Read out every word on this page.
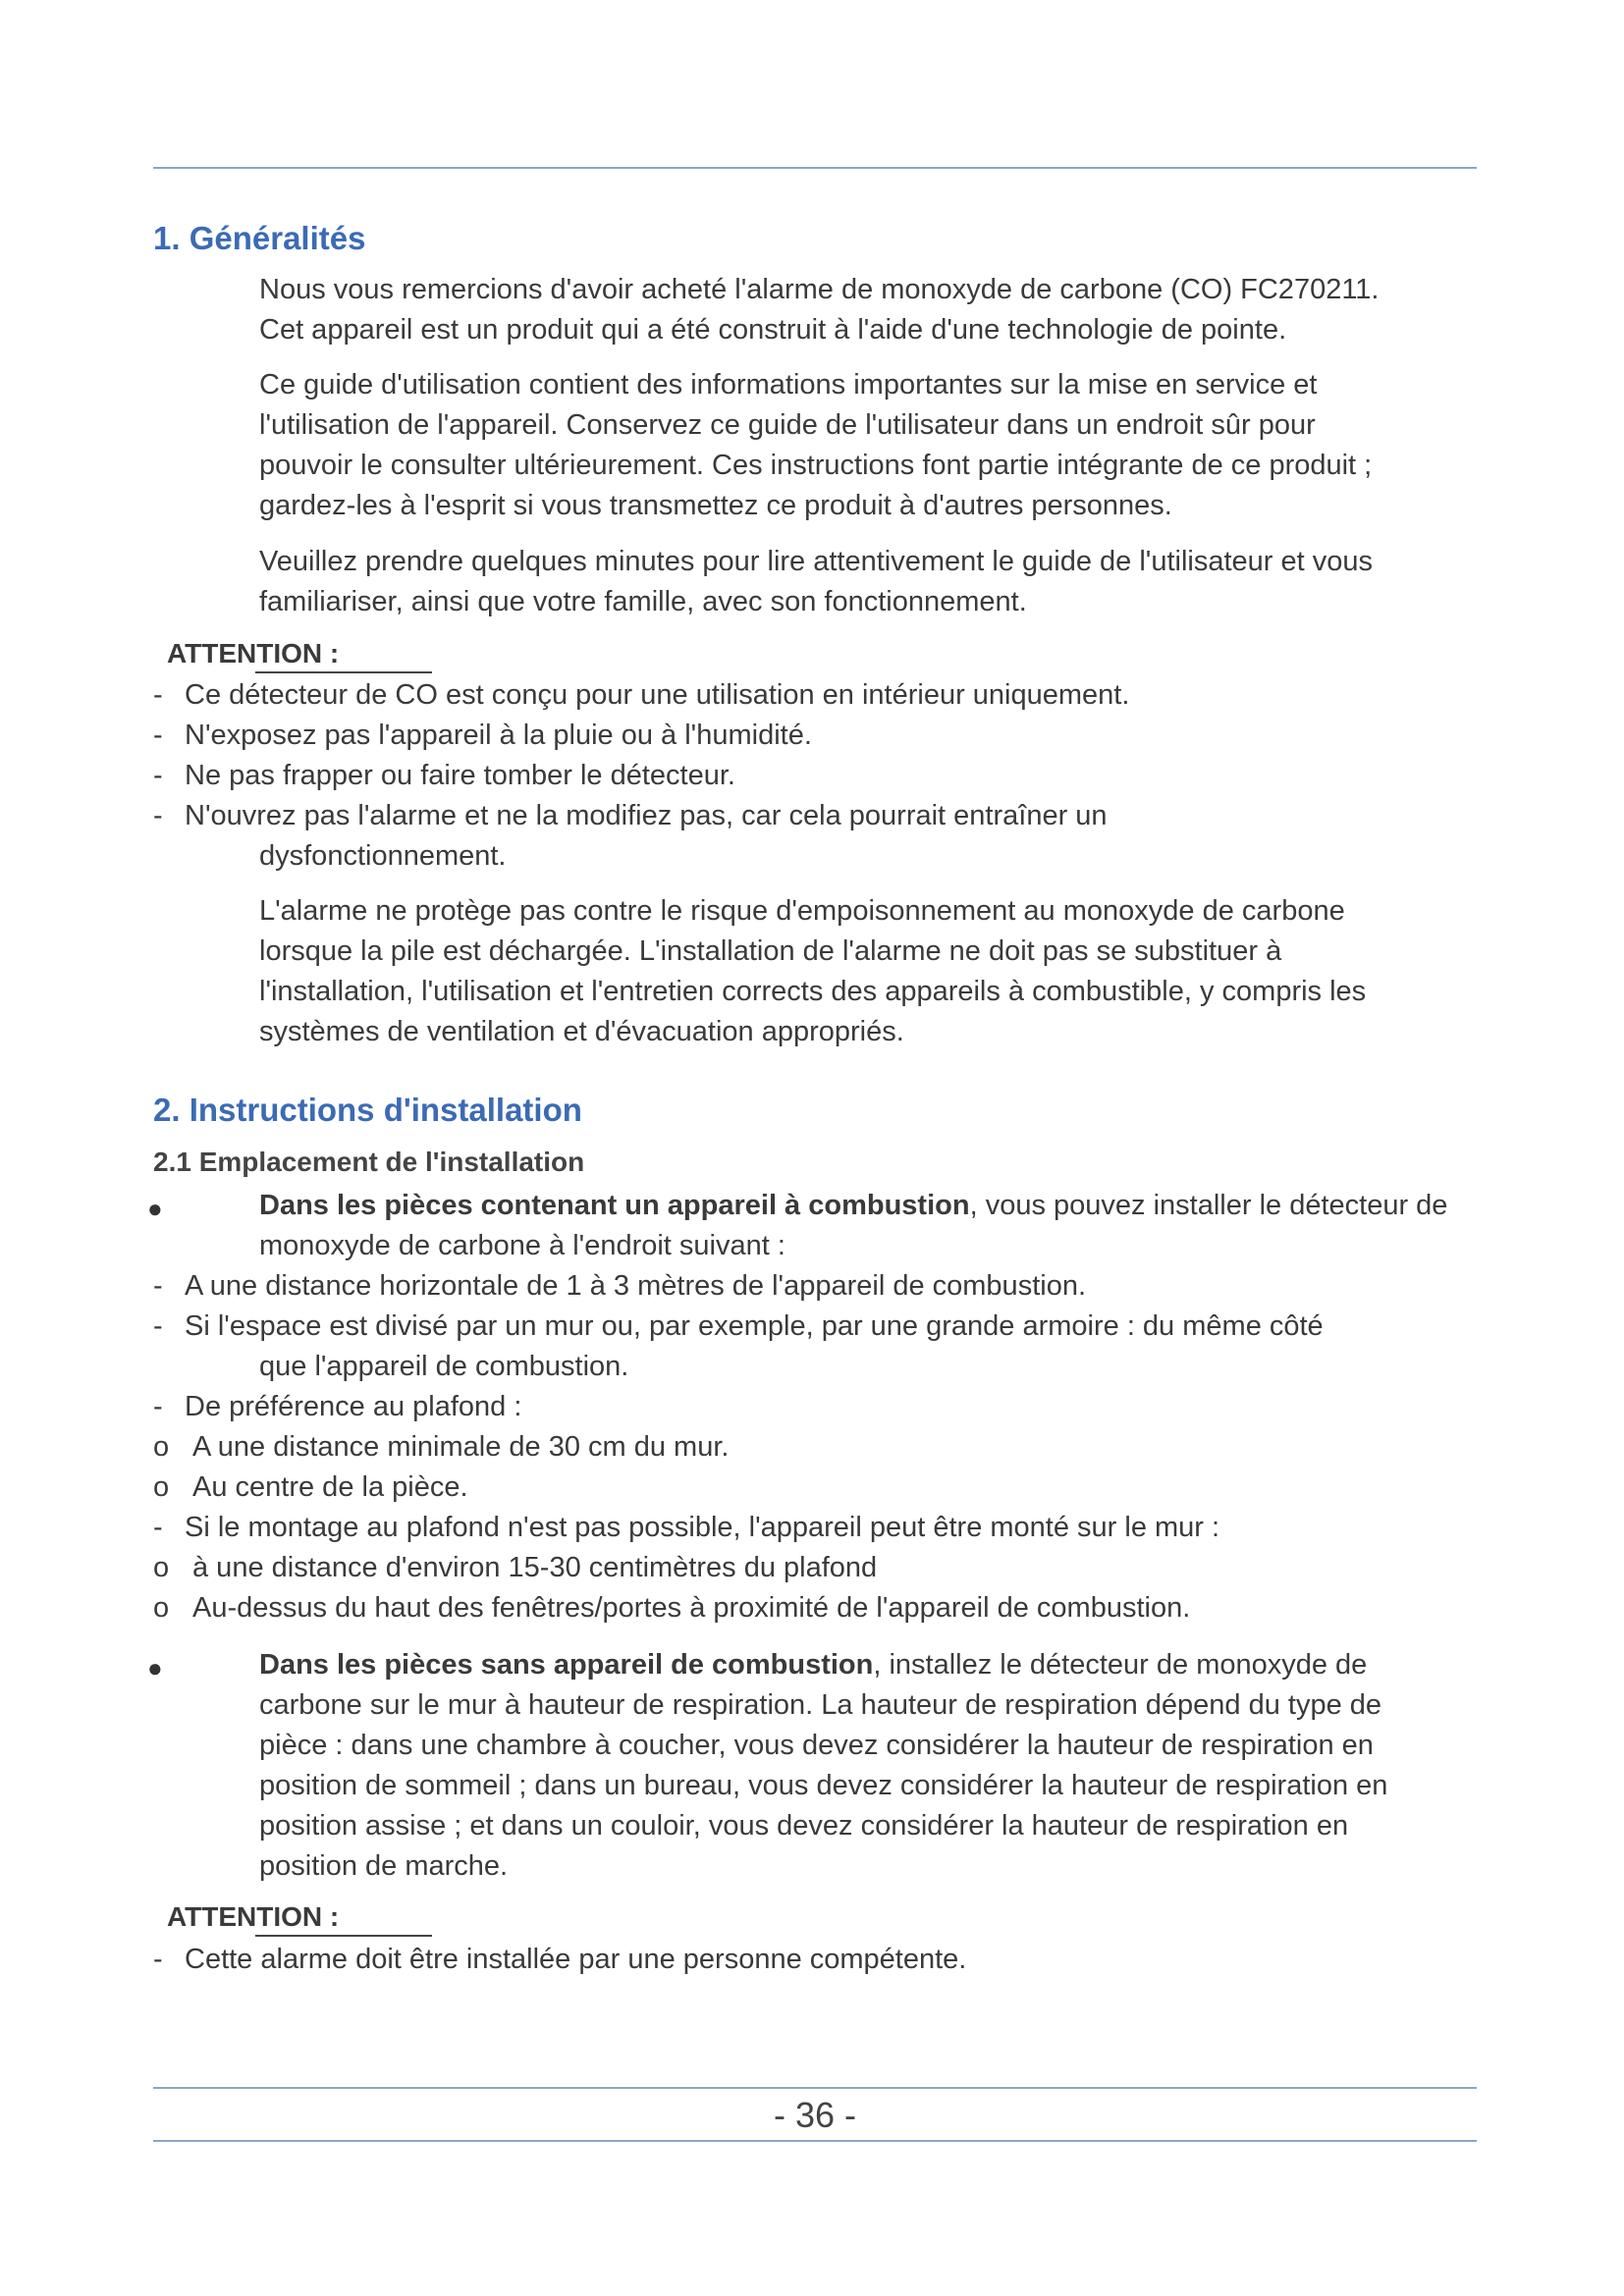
1. Généralités
Nous vous remercions d'avoir acheté l'alarme de monoxyde de carbone (CO) FC270211.
Cet appareil est un produit qui a été construit à l'aide d'une technologie de pointe.
Ce guide d'utilisation contient des informations importantes sur la mise en service et
l'utilisation de l'appareil. Conservez ce guide de l'utilisateur dans un endroit sûr pour
pouvoir le consulter ultérieurement. Ces instructions font partie intégrante de ce produit ;
gardez-les à l'esprit si vous transmettez ce produit à d'autres personnes.
Veuillez prendre quelques minutes pour lire attentivement le guide de l'utilisateur et vous
familiariser, ainsi que votre famille, avec son fonctionnement.
ATTENTION :
- Ce détecteur de CO est conçu pour une utilisation en intérieur uniquement.
- N'exposez pas l'appareil à la pluie ou à l'humidité.
- Ne pas frapper ou faire tomber le détecteur.
- N'ouvrez pas l'alarme et ne la modifiez pas, car cela pourrait entraîner un
dysfonctionnement.
L'alarme ne protège pas contre le risque d'empoisonnement au monoxyde de carbone
lorsque la pile est déchargée. L'installation de l'alarme ne doit pas se substituer à
l'installation, l'utilisation et l'entretien corrects des appareils à combustible, y compris les
systèmes de ventilation et d'évacuation appropriés.
2. Instructions d'installation
2.1 Emplacement de l'installation
●	Dans les pièces contenant un appareil à combustion, vous pouvez installer le détecteur de
monoxyde de carbone à l'endroit suivant :
- A une distance horizontale de 1 à 3 mètres de l'appareil de combustion.
- Si l'espace est divisé par un mur ou, par exemple, par une grande armoire : du même côté
que l'appareil de combustion.
- De préférence au plafond :
o A une distance minimale de 30 cm du mur.
o Au centre de la pièce.
- Si le montage au plafond n'est pas possible, l'appareil peut être monté sur le mur :
o à une distance d'environ 15-30 centimètres du plafond
o Au-dessus du haut des fenêtres/portes à proximité de l'appareil de combustion.
●	Dans les pièces sans appareil de combustion, installez le détecteur de monoxyde de
carbone sur le mur à hauteur de respiration. La hauteur de respiration dépend du type de
pièce : dans une chambre à coucher, vous devez considérer la hauteur de respiration en
position de sommeil ; dans un bureau, vous devez considérer la hauteur de respiration en
position assise ; et dans un couloir, vous devez considérer la hauteur de respiration en
position de marche.
ATTENTION :
- Cette alarme doit être installée par une personne compétente.
- 36 -
